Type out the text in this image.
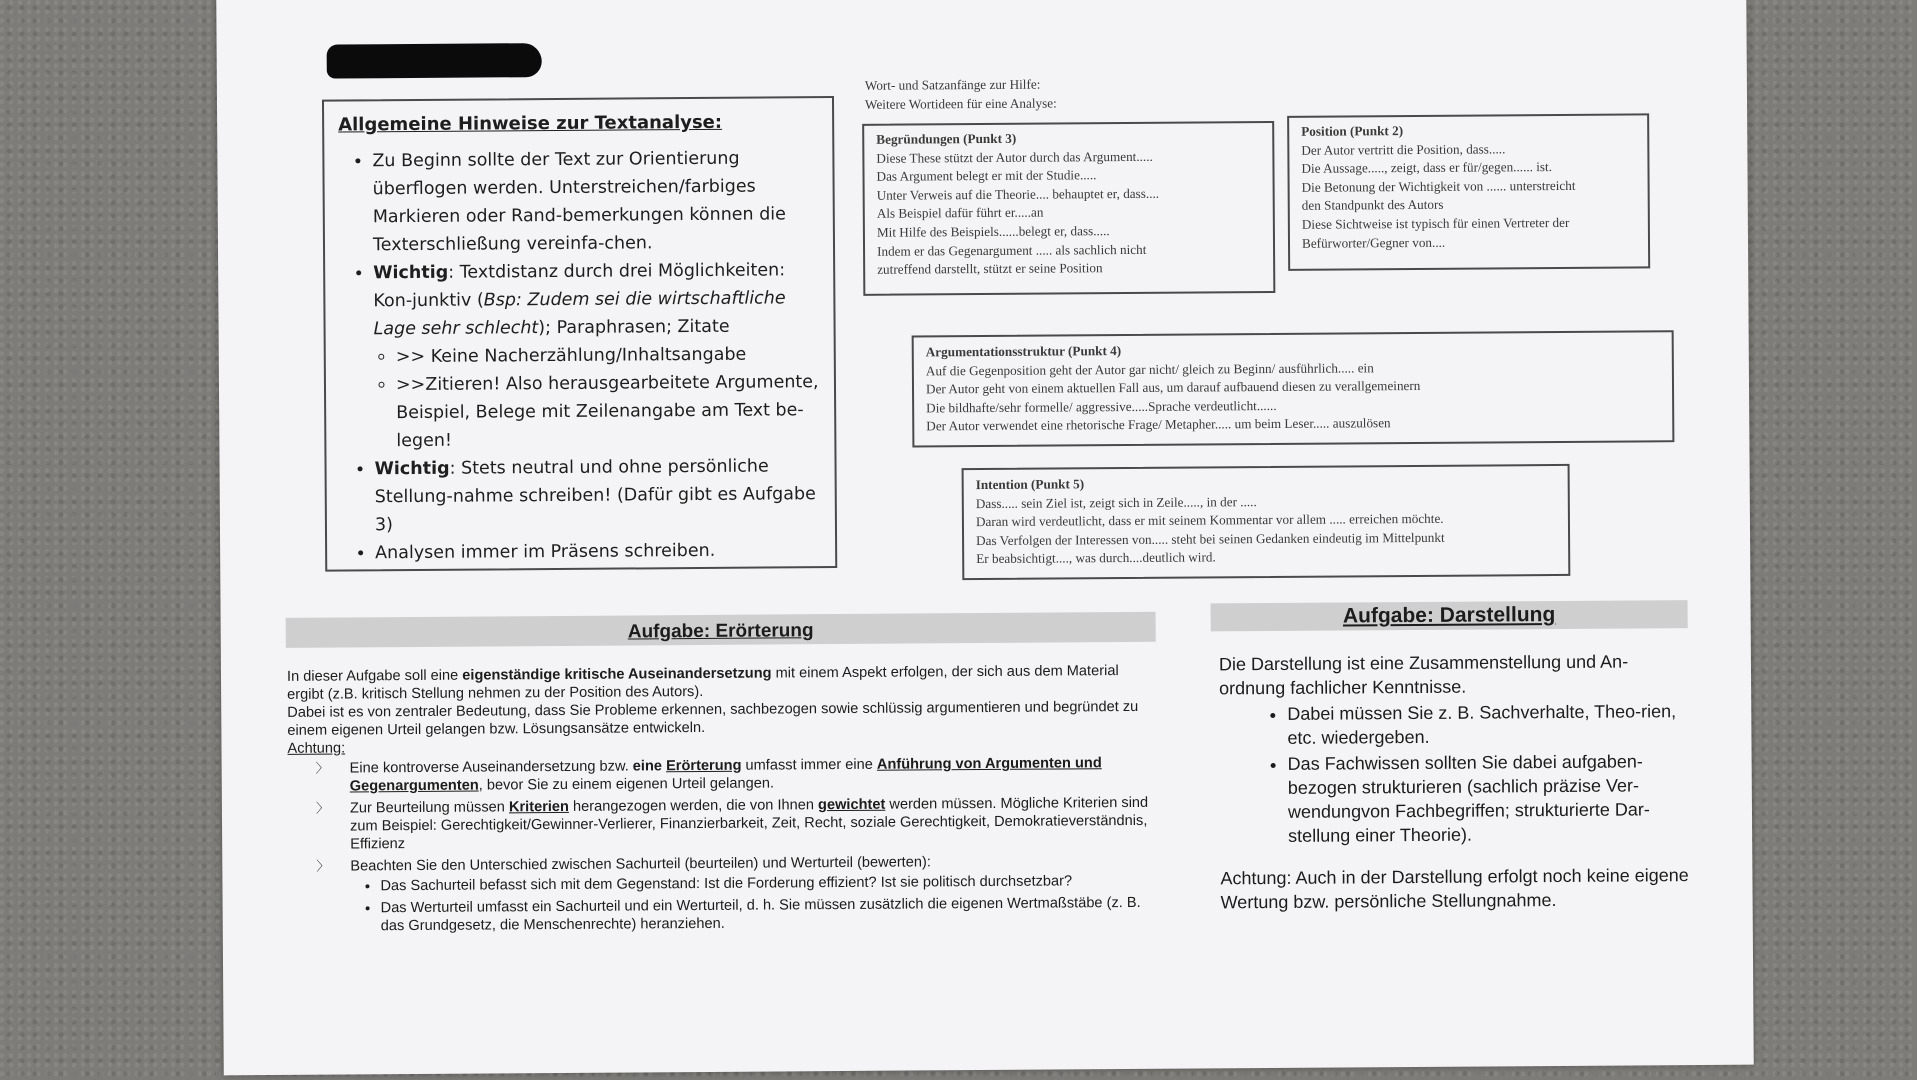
Allgemeine Hinweise zur Textanalyse:
• Zu Beginn sollte der Text zur Orientierung überflogen werden. Unterstreichen/farbiges Markieren oder Rand-bemerkungen können die Texterschließung vereinfa-chen.
• Wichtig: Textdistanz durch drei Möglichkeiten: Kon-junktiv (Bsp: Zudem sei die wirtschaftliche Lage sehr schlecht); Paraphrasen; Zitate
◦ >> Keine Nacherzählung/Inhaltsangabe
◦ >>Zitieren! Also herausgearbeitete Argumente, Beispiel, Belege mit Zeilenangabe am Text be-legen!
• Wichtig: Stets neutral und ohne persönliche Stellung-nahme schreiben! (Dafür gibt es Aufgabe 3)
• Analysen immer im Präsens schreiben.
Wort- und Satzanfänge zur Hilfe:
Weitere Wortideen für eine Analyse:
Begründungen (Punkt 3)
Diese These stützt der Autor durch das Argument.....
Das Argument belegt er mit der Studie.....
Unter Verweis auf die Theorie.... behauptet er, dass....
Als Beispiel dafür führt er.....an
Mit Hilfe des Beispiels......belegt er, dass.....
Indem er das Gegenargument ..... als sachlich nicht
zutreffend darstellt, stützt er seine Position
Position (Punkt 2)
Der Autor vertritt die Position, dass.....
Die Aussage....., zeigt, dass er für/gegen...... ist.
Die Betonung der Wichtigkeit von ...... unterstreicht
den Standpunkt des Autors
Diese Sichtweise ist typisch für einen Vertreter der
Befürworter/Gegner von....
Argumentationsstruktur (Punkt 4)
Auf die Gegenposition geht der Autor gar nicht/ gleich zu Beginn/ ausführlich..... ein
Der Autor geht von einem aktuellen Fall aus, um darauf aufbauend diesen zu verallgemeinern
Die bildhafte/sehr formelle/ aggressive.....Sprache verdeutlicht......
Der Autor verwendet eine rhetorische Frage/ Metapher..... um beim Leser..... auszulösen
Intention (Punkt 5)
Dass..... sein Ziel ist, zeigt sich in Zeile....., in der .....
Daran wird verdeutlicht, dass er mit seinem Kommentar vor allem ..... erreichen möchte.
Das Verfolgen der Interessen von..... steht bei seinen Gedanken eindeutig im Mittelpunkt
Er beabsichtigt...., was durch....deutlich wird.
Aufgabe: Erörterung

In dieser Aufgabe soll eine eigenständige kritische Auseinandersetzung mit einem Aspekt erfolgen, der sich aus dem Material ergibt (z.B. kritisch Stellung nehmen zu der Position des Autors).

Dabei ist es von zentraler Bedeutung, dass Sie Probleme erkennen, sachbezogen sowie schlüssig argumentieren und begründet zu einem eigenen Urteil gelangen bzw. Lösungsansätze entwickeln.

Achtung:

〉 Eine kontroverse Auseinandersetzung bzw. eine Erörterung umfasst immer eine Anführung von Argumenten und Gegenargumenten, bevor Sie zu einem eigenen Urteil gelangen.
〉 Zur Beurteilung müssen Kriterien herangezogen werden, die von Ihnen gewichtet werden müssen. Mögliche Kriterien sind zum Beispiel: Gerechtigkeit/Gewinner-Verlierer, Finanzierbarkeit, Zeit, Recht, soziale Gerechtigkeit, Demokratieverständnis, Effizienz
〉 Beachten Sie den Unterschied zwischen Sachurteil (beurteilen) und Werturteil (bewerten):
• Das Sachurteil befasst sich mit dem Gegenstand: Ist die Forderung effizient? Ist sie politisch durchsetzbar?
• Das Werturteil umfasst ein Sachurteil und ein Werturteil, d. h. Sie müssen zusätzlich die eigenen Wertmaßstäbe (z. B. das Grundgesetz, die Menschenrechte) heranziehen.
Aufgabe: Darstellung

Die Darstellung ist eine Zusammenstellung und An-ordnung fachlicher Kenntnisse.

• Dabei müssen Sie z. B. Sachverhalte, Theo-rien, etc. wiedergeben.
• Das Fachwissen sollten Sie dabei aufgaben-bezogen strukturieren (sachlich präzise Ver-wendungvon Fachbegriffen; strukturierte Dar-stellung einer Theorie).

Achtung: Auch in der Darstellung erfolgt noch keine eigene Wertung bzw. persönliche Stellungnahme.
